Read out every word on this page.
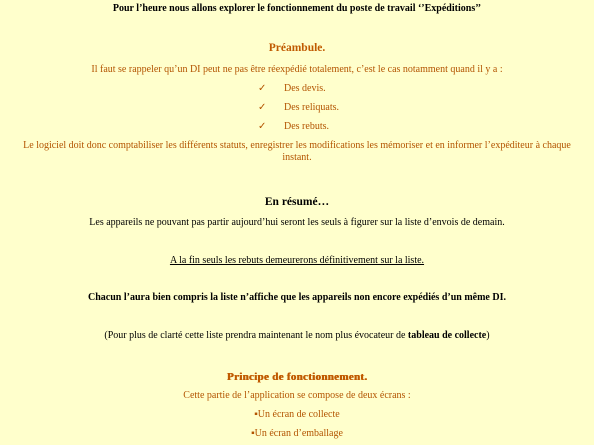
Pour l’heure nous allons explorer le fonctionnement du poste de travail ‘’Expéditions’’
Préambule.
Il faut se rappeler qu’un DI peut ne pas être réexpédié totalement, c’est le cas notamment quand il y a :
✓ Des devis.
✓ Des reliquats.
✓ Des rebuts.
Le logiciel doit donc comptabiliser les différents statuts, enregistrer les modifications les mémoriser et en informer l’expéditeur à chaque instant.
En résumé…
Les appareils ne pouvant pas partir aujourd’hui seront les seuls à figurer sur la liste d’envois de demain.
A la fin seuls les rebuts demeurerons définitivement sur la liste.
Chacun l’aura bien compris la liste n’affiche que les appareils non encore expédiés d’un même DI.
(Pour plus de clarté cette liste prendra maintenant le nom plus évocateur de tableau de collecte)
Principe de fonctionnement.
Cette partie de l’application se compose de deux écrans :
▪Un écran de collecte
▪Un écran d’emballage
